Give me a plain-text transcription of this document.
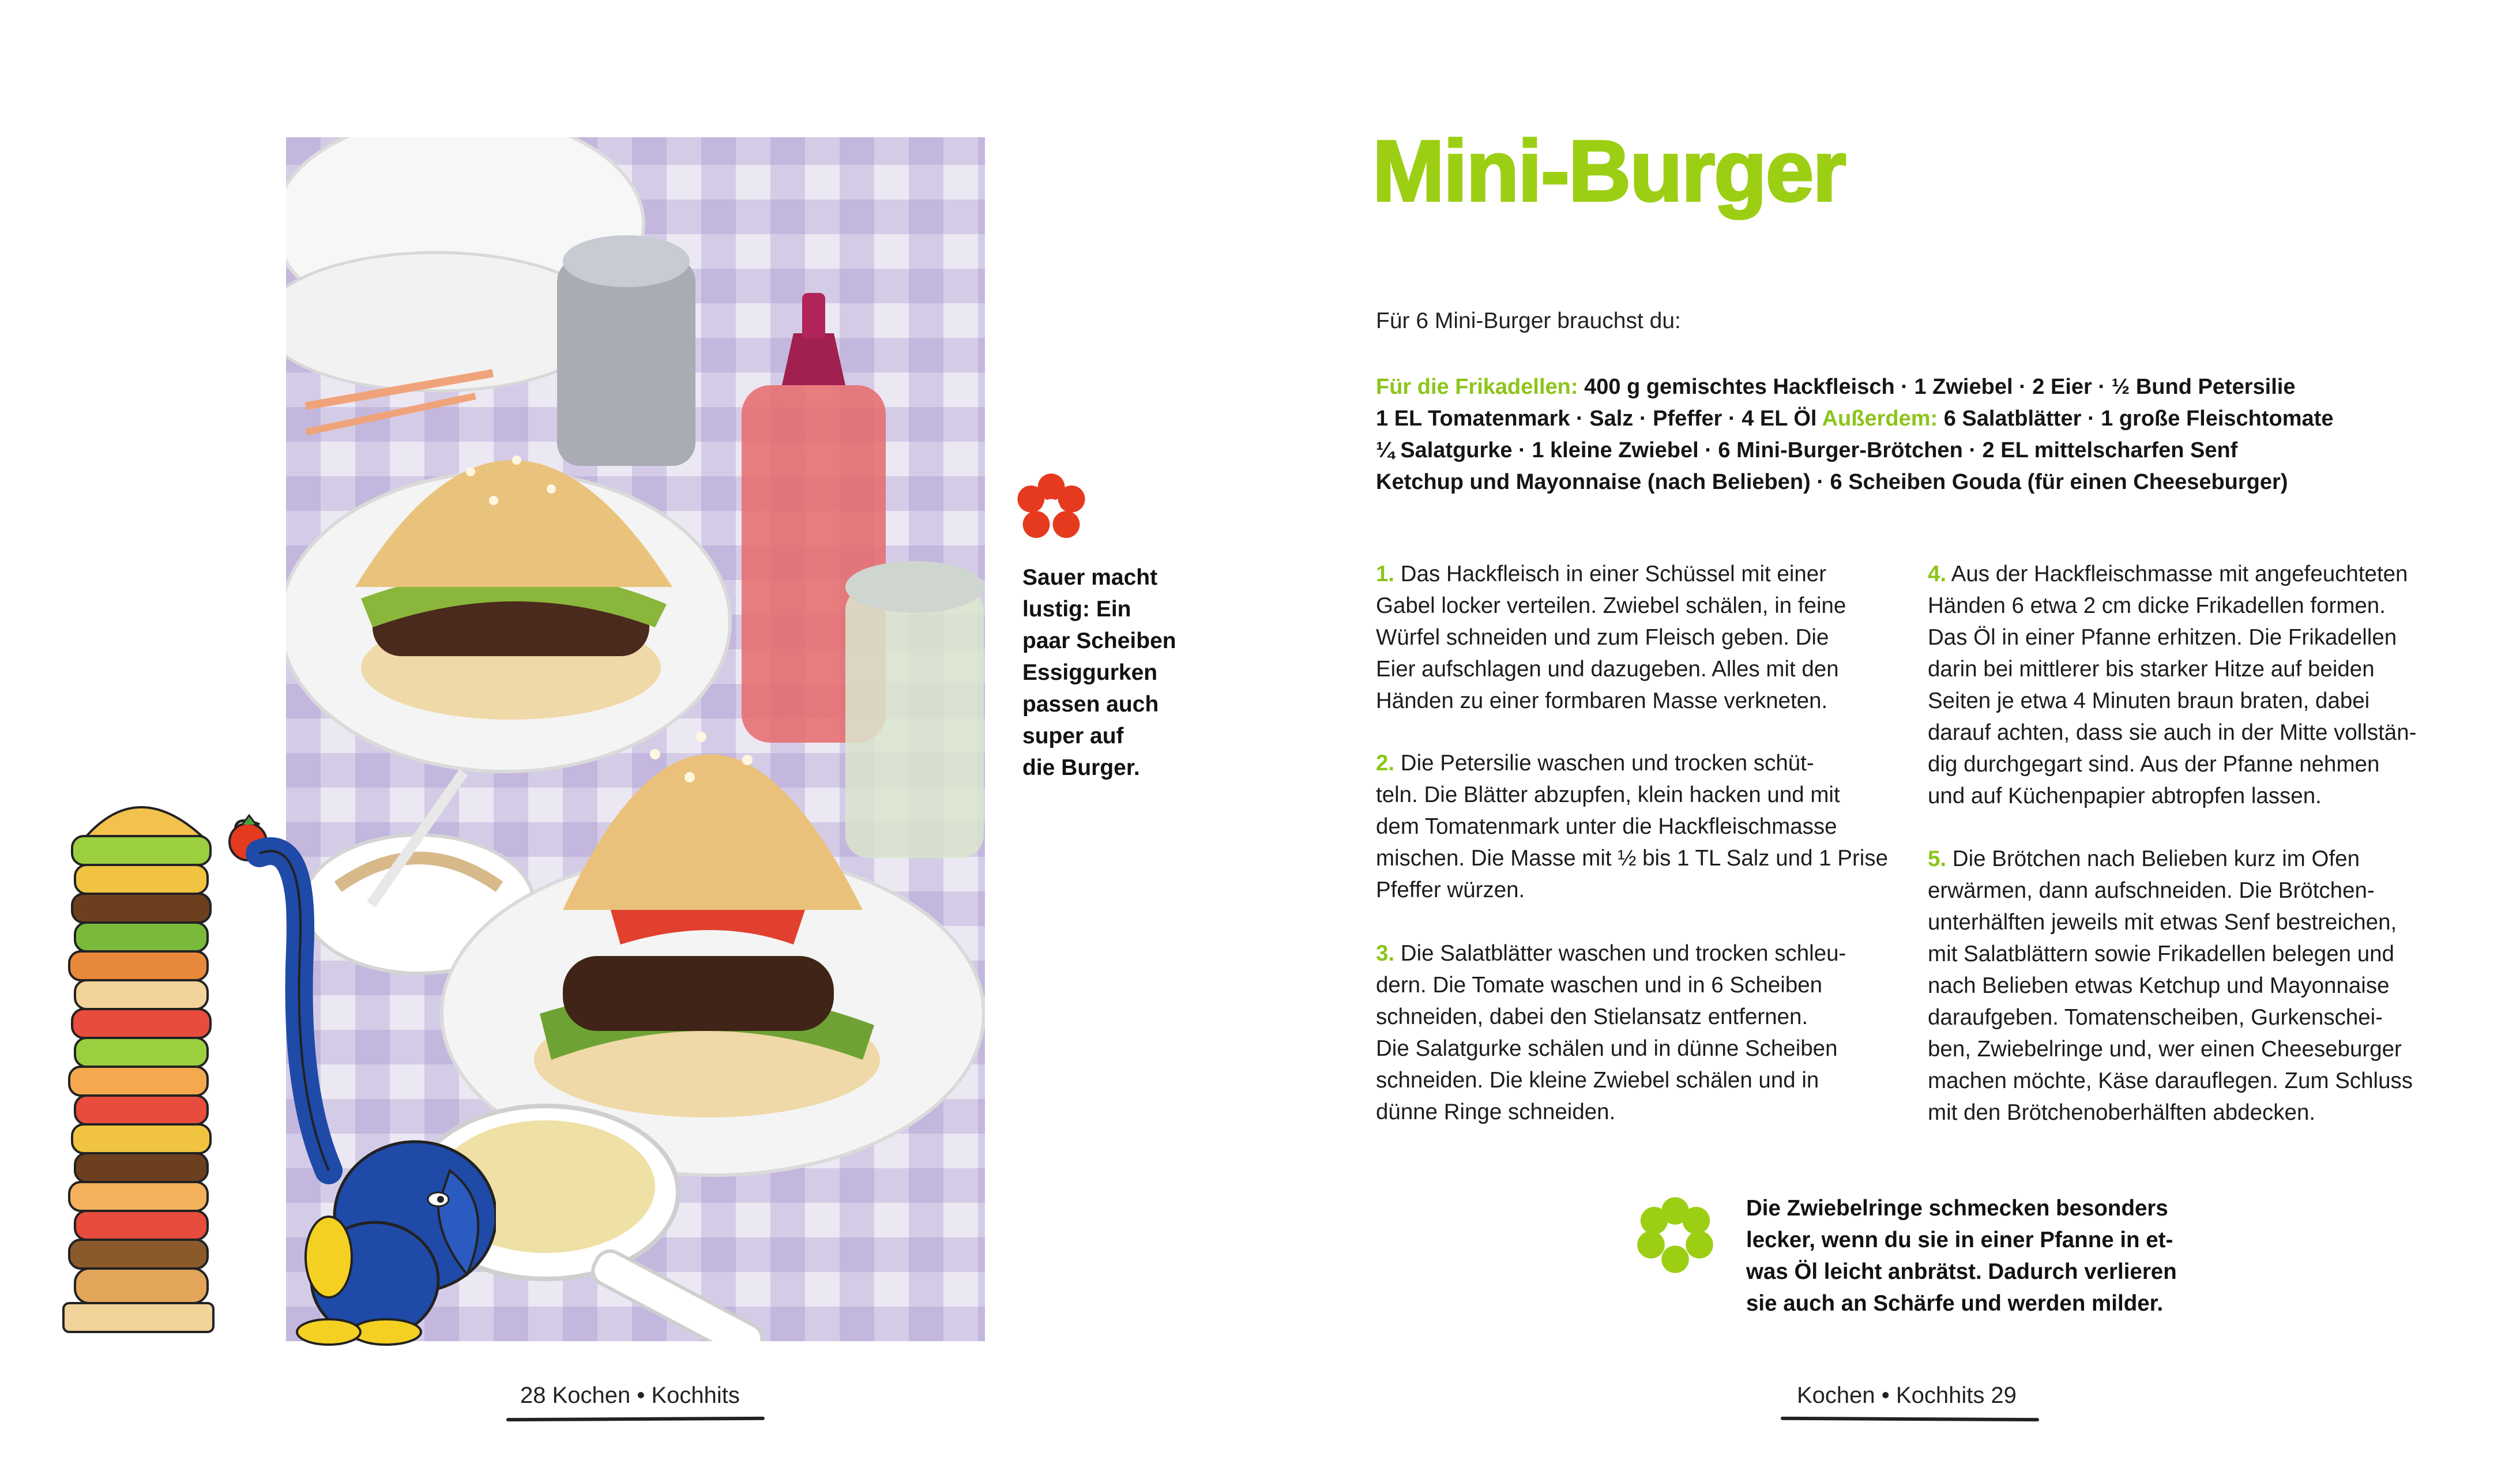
Sauer macht
lustig: Ein
paar Scheiben
Essiggurken
passen auch
super auf
die Burger.
28 Kochen • Kochhits
Mini-Burger
Für 6 Mini-Burger brauchst du:
Für die Frikadellen: 400 g gemischtes Hackfleisch · 1 Zwiebel · 2 Eier · ½ Bund Petersilie
1 EL Tomatenmark · Salz · Pfeffer · 4 EL Öl Außerdem: 6 Salatblätter · 1 große Fleischtomate
¼ Salatgurke · 1 kleine Zwiebel · 6 Mini-Burger-Brötchen · 2 EL mittelscharfen Senf
Ketchup und Mayonnaise (nach Belieben) · 6 Scheiben Gouda (für einen Cheeseburger)
1. Das Hackfleisch in einer Schüssel mit einer
Gabel locker verteilen. Zwiebel schälen, in feine
Würfel schneiden und zum Fleisch geben. Die
Eier aufschlagen und dazugeben. Alles mit den
Händen zu einer formbaren Masse verkneten.
2. Die Petersilie waschen und trocken schüt-
teln. Die Blätter abzupfen, klein hacken und mit
dem Tomatenmark unter die Hackfleischmasse
mischen. Die Masse mit ½ bis 1 TL Salz und 1 Prise
Pfeffer würzen.
3. Die Salatblätter waschen und trocken schleu-
dern. Die Tomate waschen und in 6 Scheiben
schneiden, dabei den Stielansatz entfernen.
Die Salatgurke schälen und in dünne Scheiben
schneiden. Die kleine Zwiebel schälen und in
dünne Ringe schneiden.
4. Aus der Hackfleischmasse mit angefeuchteten
Händen 6 etwa 2 cm dicke Frikadellen formen.
Das Öl in einer Pfanne erhitzen. Die Frikadellen
darin bei mittlerer bis starker Hitze auf beiden
Seiten je etwa 4 Minuten braun braten, dabei
darauf achten, dass sie auch in der Mitte vollstän-
dig durchgegart sind. Aus der Pfanne nehmen
und auf Küchenpapier abtropfen lassen.
5. Die Brötchen nach Belieben kurz im Ofen
erwärmen, dann aufschneiden. Die Brötchen-
unterhälften jeweils mit etwas Senf bestreichen,
mit Salatblättern sowie Frikadellen belegen und
nach Belieben etwas Ketchup und Mayonnaise
daraufgeben. Tomatenscheiben, Gurkenschei-
ben, Zwiebelringe und, wer einen Cheeseburger
machen möchte, Käse darauflegen. Zum Schluss
mit den Brötchenoberhälften abdecken.
Die Zwiebelringe schmecken besonders
lecker, wenn du sie in einer Pfanne in et-
was Öl leicht anbrätst. Dadurch verlieren
sie auch an Schärfe und werden milder.
Kochen • Kochhits 29
